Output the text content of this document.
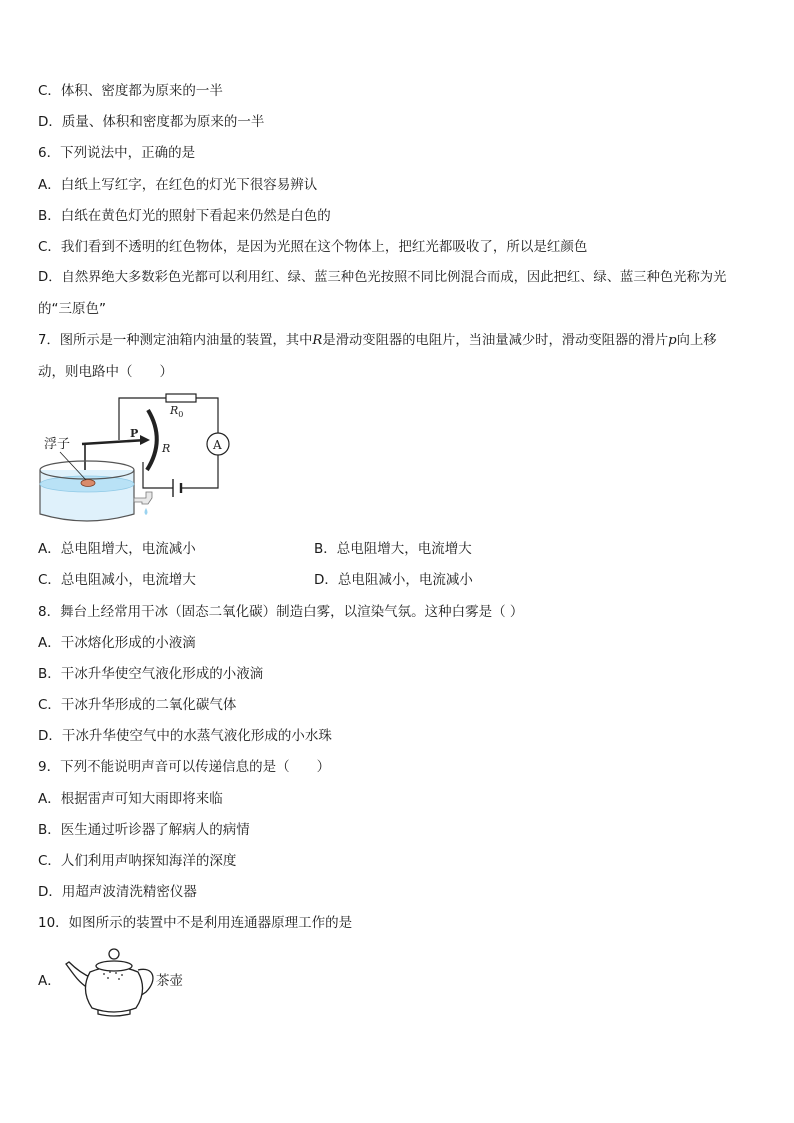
C．体积、密度都为原来的一半
D．质量、体积和密度都为原来的一半
6．下列说法中，正确的是
A．白纸上写红字，在红色的灯光下很容易辨认
B．白纸在黄色灯光的照射下看起来仍然是白色的
C．我们看到不透明的红色物体，是因为光照在这个物体上，把红光都吸收了，所以是红颜色
D．自然界绝大多数彩色光都可以利用红、绿、蓝三种色光按照不同比例混合而成，因此把红、绿、蓝三种色光称为光
的“三原色”
7．图所示是一种测定油箱内油量的装置，其中R是滑动变阻器的电阻片，当油量减少时，滑动变阻器的滑片p向上移
动，则电路中（　　）
$R_0$
A
R
P
浮子
A．总电阻增大，电流减小	B．总电阻增大，电流增大
C．总电阻减小，电流增大	D．总电阻减小，电流减小
8．舞台上经常用干冰（固态二氧化碳）制造白雾，以渲染气氛。这种白雾是（ ）
A．干冰熔化形成的小液滴
B．干冰升华使空气液化形成的小液滴
C．干冰升华形成的二氧化碳气体
D．干冰升华使空气中的水蒸气液化形成的小水珠
9．下列不能说明声音可以传递信息的是（　　）
A．根据雷声可知大雨即将来临
B．医生通过听诊器了解病人的病情
C．人们利用声呐探知海洋的深度
D．用超声波清洗精密仪器
10．如图所示的装置中不是利用连通器原理工作的是
A．	茶壶
